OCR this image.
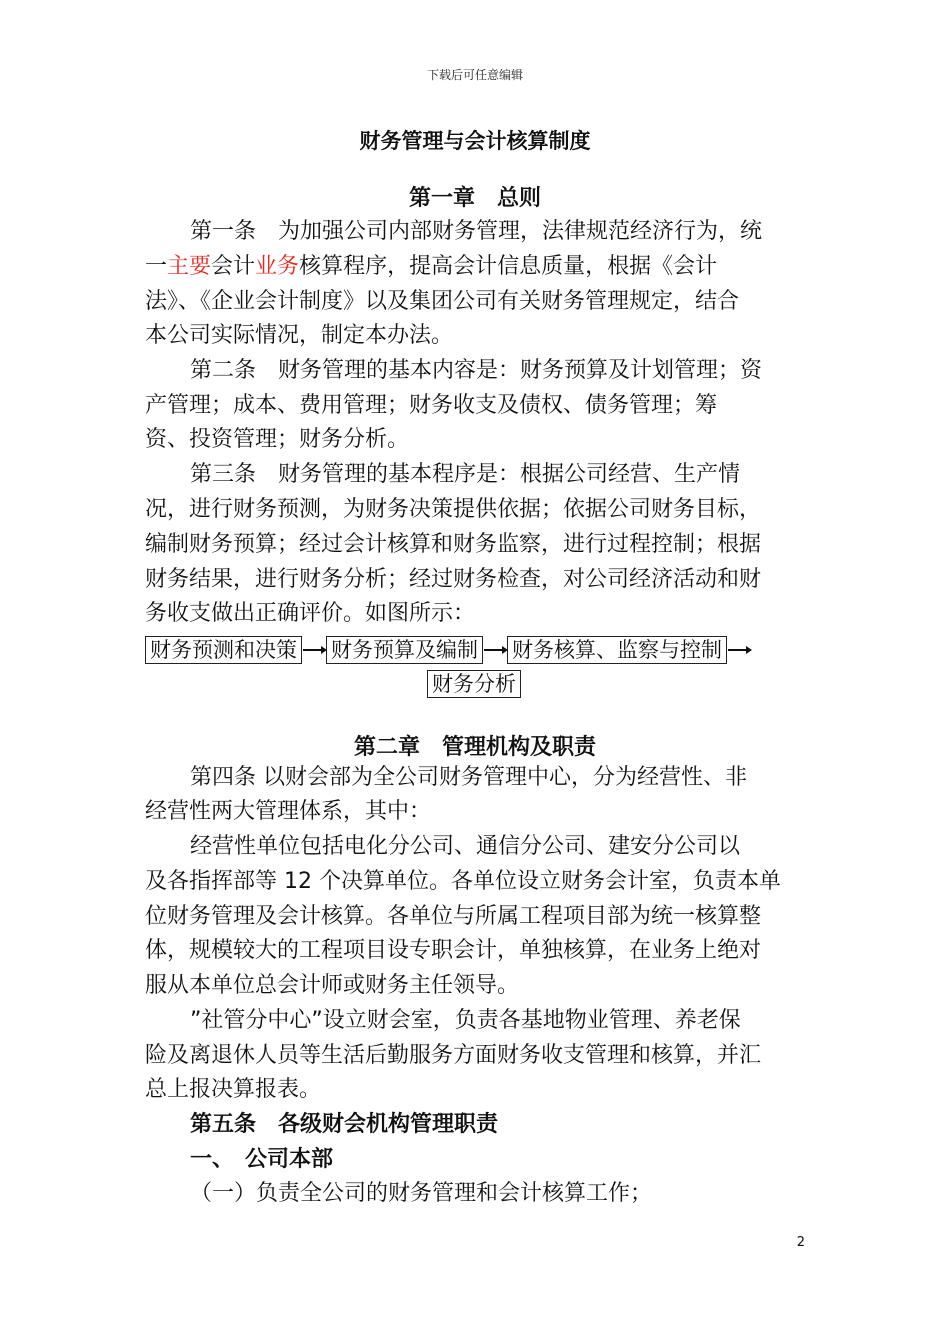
下载后可任意编辑
财务管理与会计核算制度
第一章　总则
第一条　为加强公司内部财务管理，法律规范经济行为，统
一主要会计业务核算程序，提高会计信息质量，根据《会计
法》、《企业会计制度》以及集团公司有关财务管理规定，结合
本公司实际情况，制定本办法。
第二条　财务管理的基本内容是：财务预算及计划管理；资
产管理；成本、费用管理；财务收支及债权、债务管理；筹
资、投资管理；财务分析。
第三条　财务管理的基本程序是：根据公司经营、生产情
况，进行财务预测，为财务决策提供依据；依据公司财务目标，
编制财务预算；经过会计核算和财务监察，进行过程控制；根据
财务结果，进行财务分析；经过财务检查，对公司经济活动和财
务收支做出正确评价。如图所示：
财务预测和决策 财务预算及编制 财务核算、监察与控制
财务分析
第二章　管理机构及职责
第四条 以财会部为全公司财务管理中心，分为经营性、非
经营性两大管理体系，其中：
经营性单位包括电化分公司、通信分公司、建安分公司以
及各指挥部等 12 个决算单位。各单位设立财务会计室，负责本单
位财务管理及会计核算。各单位与所属工程项目部为统一核算整
体，规模较大的工程项目设专职会计，单独核算，在业务上绝对
服从本单位总会计师或财务主任领导。
”社管分中心”设立财会室，负责各基地物业管理、养老保
险及离退休人员等生活后勤服务方面财务收支管理和核算，并汇
总上报决算报表。
第五条　各级财会机构管理职责
一、　公司本部
（一）负责全公司的财务管理和会计核算工作；
2
